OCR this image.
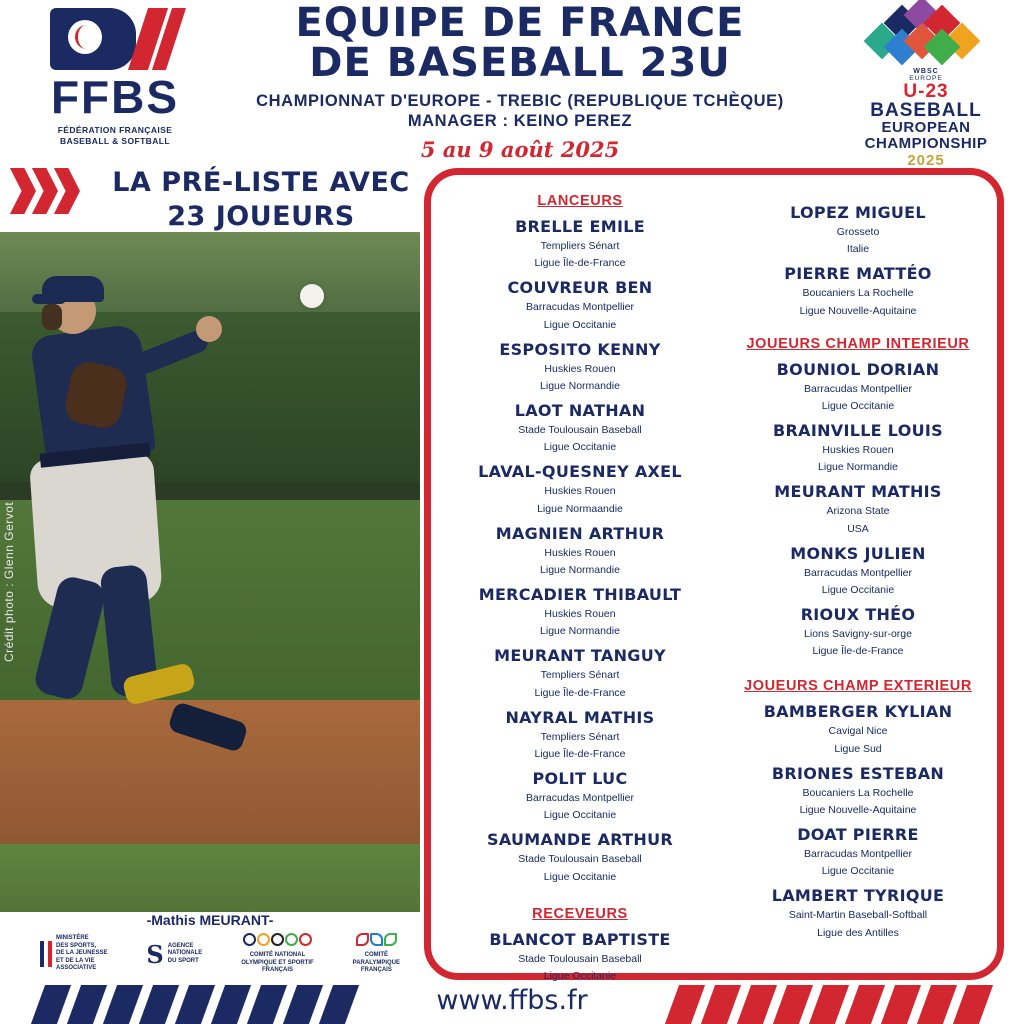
FFBS
FÉDÉRATION FRANÇAISE
BASEBALL & SOFTBALL
EQUIPE DE FRANCE
DE BASEBALL 23U
CHAMPIONNAT D'EUROPE - TREBIC (REPUBLIQUE TCHÈQUE)
MANAGER : KEINO PEREZ
5 au 9 août 2025
WBSC
EUROPE
U-23 BASEBALL
EUROPEAN
CHAMPIONSHIP
2025
LA PRÉ-LISTE AVEC
23 JOUEURS
Crédit photo : Glenn Gervot
-Mathis MEURANT-
MINISTÈRE
DES SPORTS,
DE LA JEUNESSE
ET DE LA VIE
ASSOCIATIVE	S AGENCE
NATIONALE
DU SPORT
COMITÉ NATIONAL
OLYMPIQUE ET SPORTIF
FRANÇAIS
COMITÉ
PARALYMPIQUE
FRANÇAIS
LANCEURS
BRELLE EMILE
Templiers Sénart
Ligue Île-de-France
COUVREUR BEN
Barracudas Montpellier
Ligue Occitanie
ESPOSITO KENNY
Huskies Rouen
Ligue Normandie
LAOT NATHAN
Stade Toulousain Baseball
Ligue Occitanie
LAVAL-QUESNEY AXEL
Huskies Rouen
Ligue Normaandie
MAGNIEN ARTHUR
Huskies Rouen
Ligue Normandie
MERCADIER THIBAULT
Huskies Rouen
Ligue Normandie
MEURANT TANGUY
Templiers Sénart
Ligue Île-de-France
NAYRAL MATHIS
Templiers Sénart
Ligue Île-de-France
POLIT LUC
Barracudas Montpellier
Ligue Occitanie
SAUMANDE ARTHUR
Stade Toulousain Baseball
Ligue Occitanie
RECEVEURS
BLANCOT BAPTISTE
Stade Toulousain Baseball
Ligue Occitanie
LOPEZ MIGUEL
Grosseto
Italie
PIERRE MATTÉO
Boucaniers La Rochelle
Ligue Nouvelle-Aquitaine
JOUEURS CHAMP INTERIEUR
BOUNIOL DORIAN
Barracudas Montpellier
Ligue Occitanie
BRAINVILLE LOUIS
Huskies Rouen
Ligue Normandie
MEURANT MATHIS
Arizona State
USA
MONKS JULIEN
Barracudas Montpellier
Ligue Occitanie
RIOUX THÉO
Lions Savigny-sur-orge
Ligue Île-de-France
JOUEURS CHAMP EXTERIEUR
BAMBERGER KYLIAN
Cavigal Nice
Ligue Sud
BRIONES ESTEBAN
Boucaniers La Rochelle
Ligue Nouvelle-Aquitaine
DOAT PIERRE
Barracudas Montpellier
Ligue Occitanie
LAMBERT TYRIQUE
Saint-Martin Baseball-Softball
Ligue des Antilles
www.ffbs.fr
